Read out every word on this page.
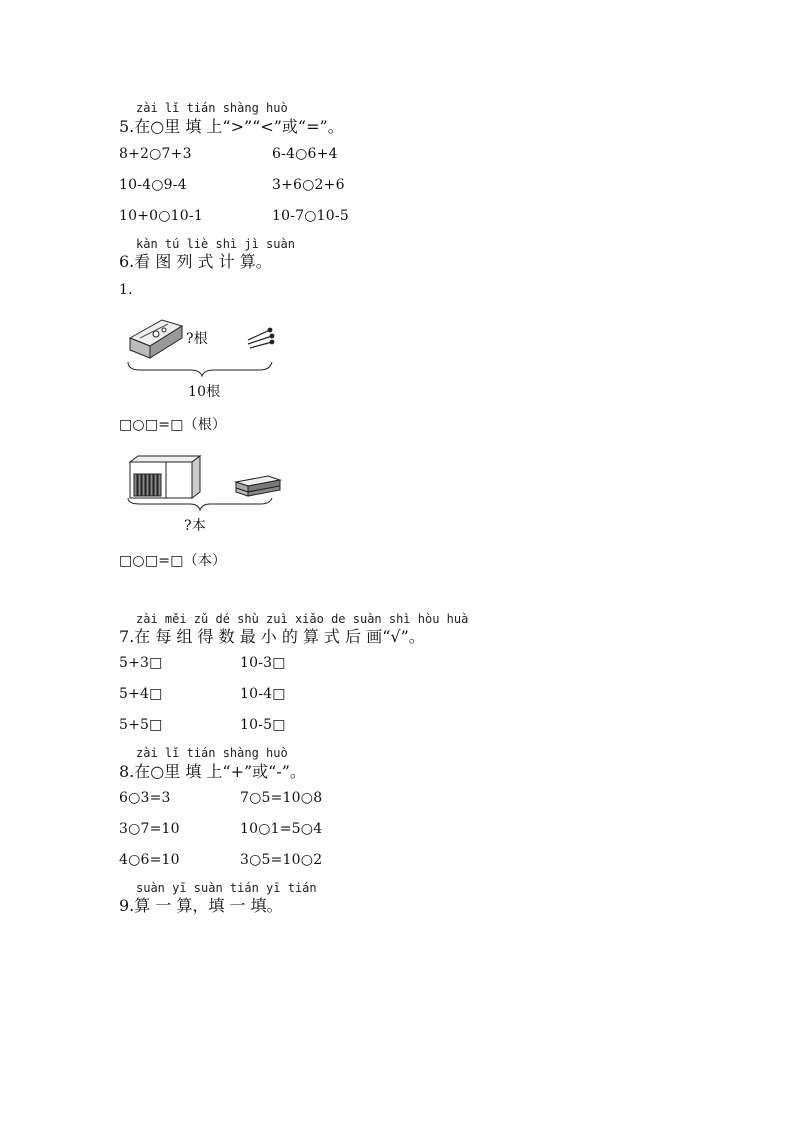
zài lǐ tián shàng huò
5.在○里 填 上“>”“<”或“=”。
8+2○7+3	6-4○6+4
10-4○9-4	3+6○2+6
10+0○10-1	10-7○10-5
kàn tú liè shì jì suàn
6.看 图 列 式 计 算。
1.
?根
10根
□○□=□（根）
?本
□○□=□（本）
zài měi zǔ dé shù zuì xiǎo de suàn shì hòu huà
7.在 每 组 得 数 最 小 的 算 式 后 画“√”。
5+3□	10-3□
5+4□	10-4□
5+5□	10-5□
zài lǐ tián shàng huò
8.在○里 填 上“+”或“-”。
6○3=3	7○5=10○8
3○7=10	10○1=5○4
4○6=10	3○5=10○2
suàn yī suàn tián yī tián
9.算 一 算，填 一 填。
